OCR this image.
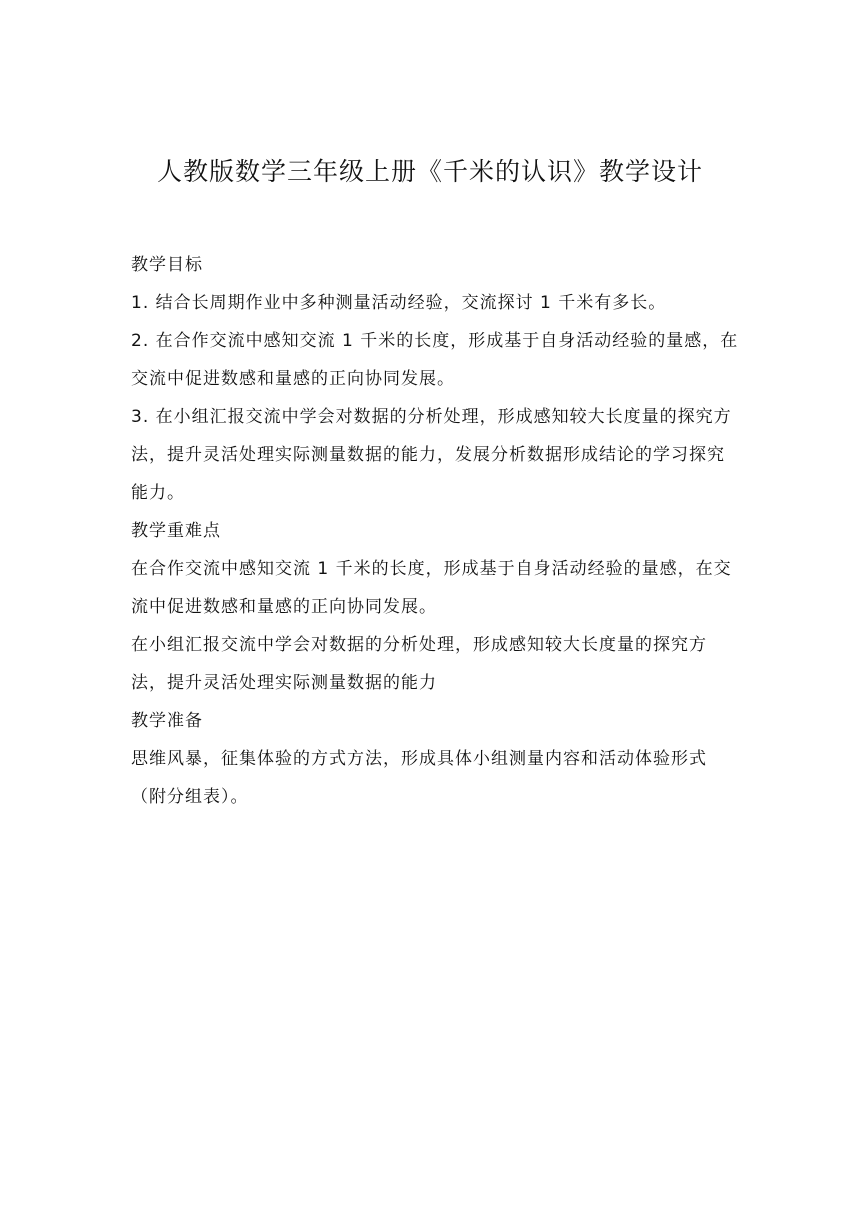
人教版数学三年级上册《千米的认识》教学设计

教学目标

1. 结合长周期作业中多种测量活动经验，交流探讨 1 千米有多长。

2. 在合作交流中感知交流 1 千米的长度，形成基于自身活动经验的量感，在交流中促进数感和量感的正向协同发展。

3. 在小组汇报交流中学会对数据的分析处理，形成感知较大长度量的探究方法，提升灵活处理实际测量数据的能力，发展分析数据形成结论的学习探究能力。

教学重难点

在合作交流中感知交流 1 千米的长度，形成基于自身活动经验的量感，在交流中促进数感和量感的正向协同发展。

在小组汇报交流中学会对数据的分析处理，形成感知较大长度量的探究方法，提升灵活处理实际测量数据的能力

教学准备

思维风暴，征集体验的方式方法，形成具体小组测量内容和活动体验形式（附分组表）。
